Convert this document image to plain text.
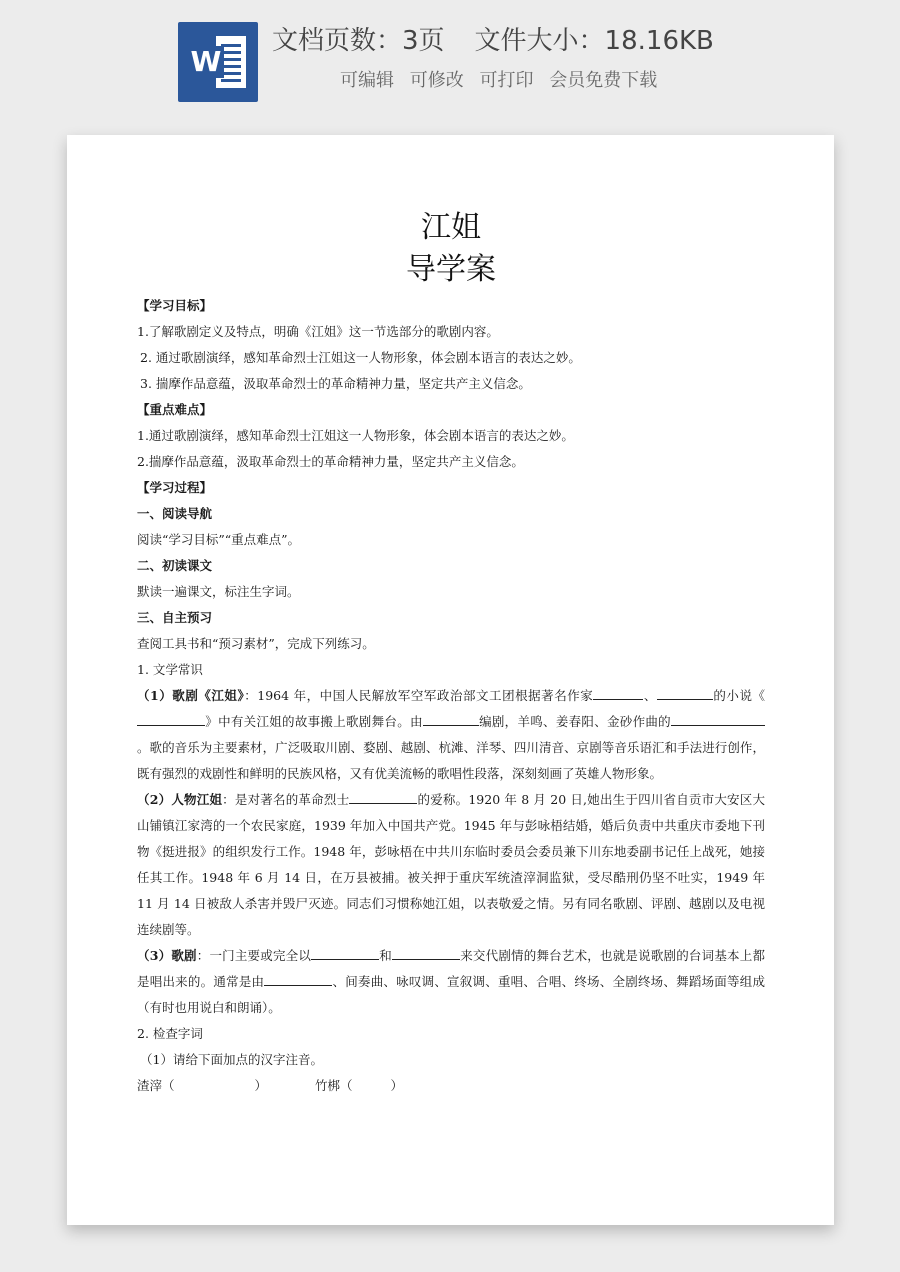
W
文档页数：3页 文件大小：18.16KB
可编辑 可修改 可打印 会员免费下载
江姐
导学案
【学习目标】
1.了解歌剧定义及特点，明确《江姐》这一节选部分的歌剧内容。
2. 通过歌剧演绎，感知革命烈士江姐这一人物形象，体会剧本语言的表达之妙。
3. 揣摩作品意蕴，汲取革命烈士的革命精神力量，坚定共产主义信念。
【重点难点】
1.通过歌剧演绎，感知革命烈士江姐这一人物形象，体会剧本语言的表达之妙。
2.揣摩作品意蕴，汲取革命烈士的革命精神力量，坚定共产主义信念。
【学习过程】
一、阅读导航
阅读“学习目标”“重点难点”。
二、初读课文
默读一遍课文，标注生字词。
三、自主预习
查阅工具书和“预习素材”，完成下列练习。
1. 文学常识
（1）歌剧《江姐》：1964 年，中国人民解放军空军政治部文工团根据著名作家	、	的小说《》中有关江姐的故事搬上歌剧舞台。由	编剧，羊鸣、姜春阳、金砂作曲的。歌的音乐为主要素材，广泛吸取川剧、婺剧、越剧、杭滩、洋琴、四川清音、京剧等音乐语汇和手法进行创作，既有强烈的戏剧性和鲜明的民族风格，又有优美流畅的歌唱性段落，深刻刻画了英雄人物形象。
（2）人物江姐：是对著名的革命烈士	的爱称。1920 年 8 月 20 日,她出生于四川省自贡市大安区大山铺镇江家湾的一个农民家庭，1939 年加入中国共产党。1945 年与彭咏梧结婚，婚后负责中共重庆市委地下刊物《挺进报》的组织发行工作。1948 年，彭咏梧在中共川东临时委员会委员兼下川东地委副书记任上战死，她接任其工作。1948 年 6 月 14 日，在万县被捕。被关押于重庆军统渣滓洞监狱，受尽酷刑仍坚不吐实，1949 年 11 月 14 日被敌人杀害并毁尸灭迹。同志们习惯称她江姐，以表敬爱之情。另有同名歌剧、评剧、越剧以及电视连续剧等。
（3）歌剧：一门主要或完全以	和	来交代剧情的舞台艺术，也就是说歌剧的台词基本上都是唱出来的。通常是由	、间奏曲、咏叹调、宣叙调、重唱、合唱、终场、全剧终场、舞蹈场面等组成（有时也用说白和朗诵）。
2. 检查字词
（1）请给下面加点的汉字注音。
渣滓（	）	竹梆（	）
